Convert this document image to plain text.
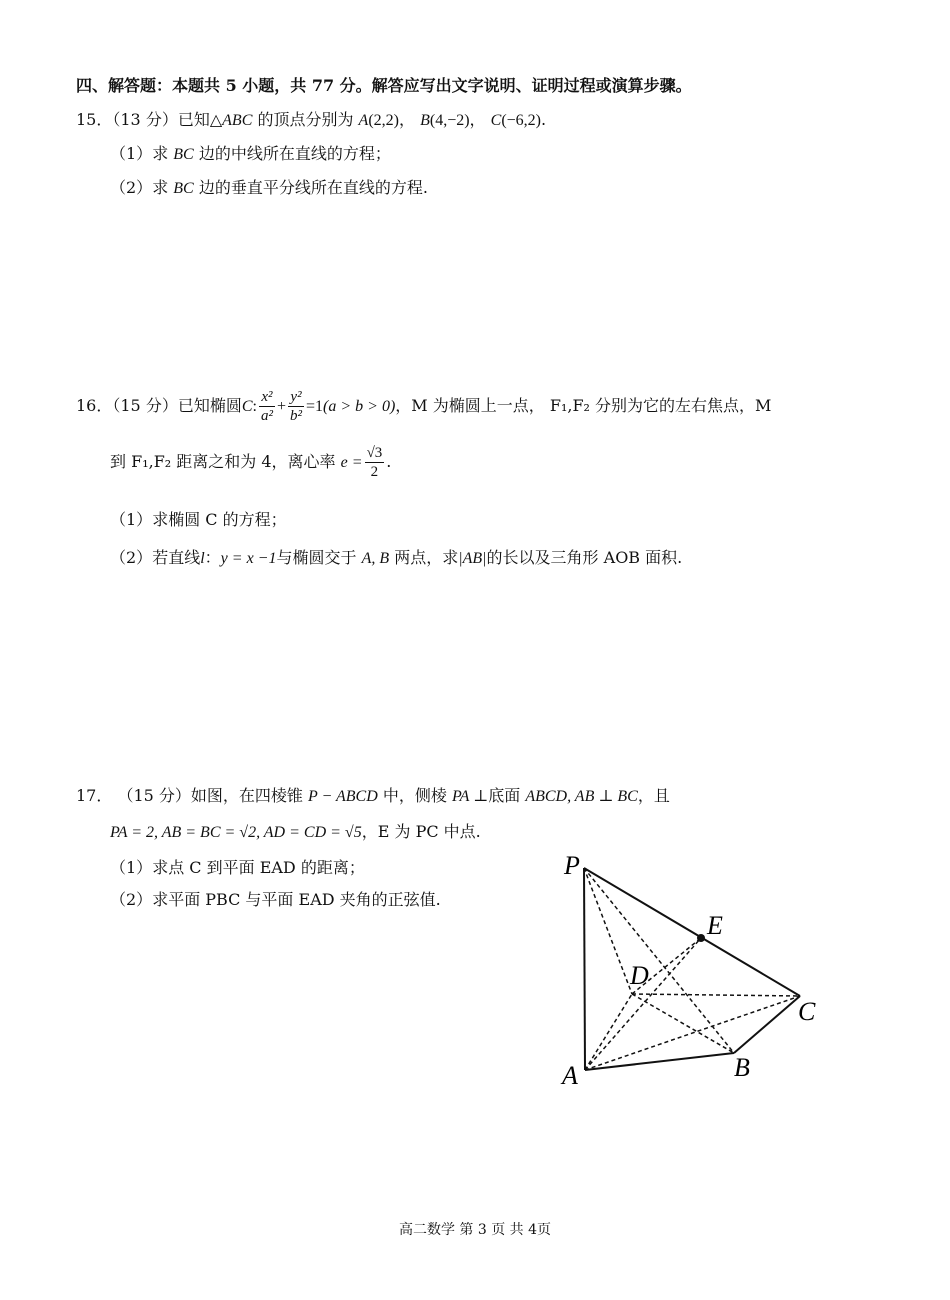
四、解答题：本题共 5 小题，共 77 分。解答应写出文字说明、证明过程或演算步骤。
15．（13 分）已知△ABC 的顶点分别为 A(2,2)， B(4,−2)， C(−6,2).
（1）求 BC 边的中线所在直线的方程；
（2）求 BC 边的垂直平分线所在直线的方程.
16．（15 分）已知椭圆C: $\frac{\text{x²}}{\text{a²}} + \frac{\text{y²}}{\text{b²}} =1(a > b > 0)$，M 为椭圆上一点， F₁,F₂ 分别为它的左右焦点，M
到 F₁,F₂ 距离之和为 4，离心率 $e = \frac{√3}{2}$ .
（1）求椭圆 C 的方程；
（2）若直线l：y = x −1与椭圆交于 A, B 两点，求|AB|的长以及三角形 AOB 面积.
17． （15 分）如图，在四棱锥 P − ABCD 中，侧棱 PA ⊥底面 ABCD, AB ⊥ BC，且
PA = 2, AB = BC = √2, AD = CD = √5，E 为 PC 中点.
（1）求点 C 到平面 EAD 的距离；
（2）求平面 PBC 与平面 EAD 夹角的正弦值.
P
E
D
C
A	B
高二数学 第 3 页 共 4页
